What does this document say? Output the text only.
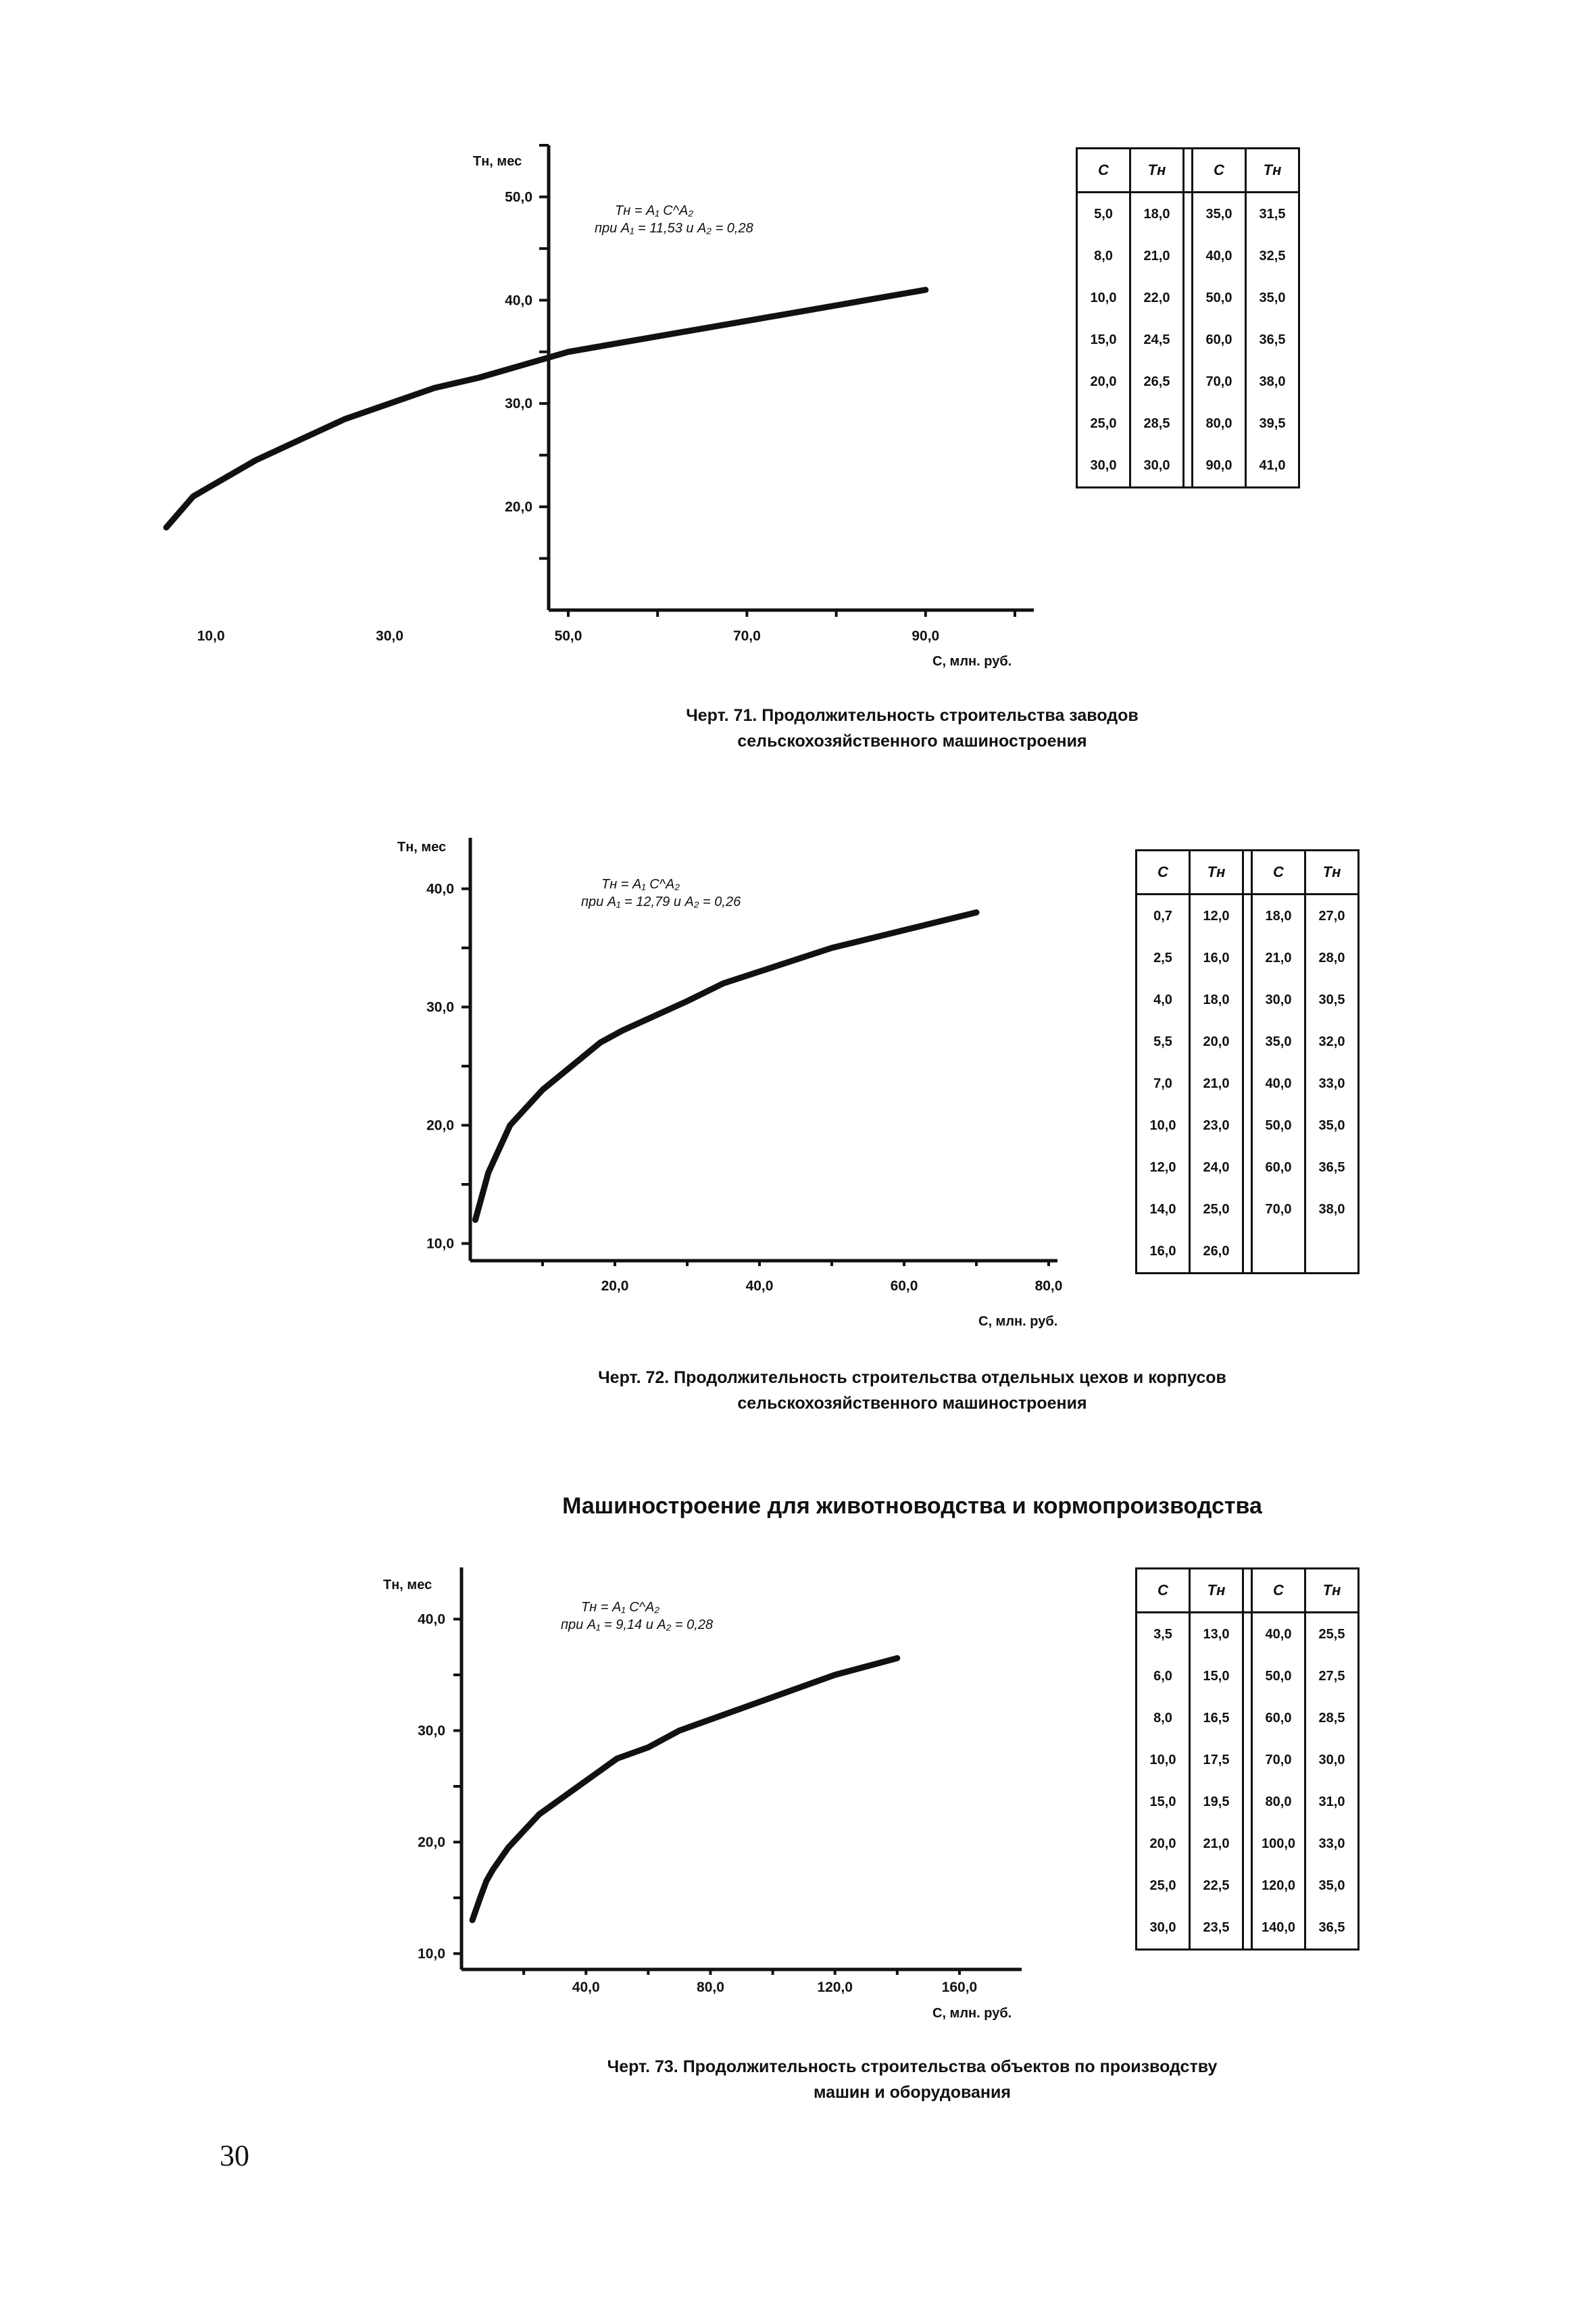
20,0
30,0
40,0
50,0
10,0	30,0	50,0	70,0	90,0
Tн, мес
С, млн. руб.
Tн = A₁ C^A₂
при A₁ = 11,53 и A₂ = 0,28
С	Tн		С	Tн
5,0	18,0		35,0	31,5
8,0	21,0		40,0	32,5
10,0	22,0		50,0	35,0
15,0	24,5		60,0	36,5
20,0	26,5		70,0	38,0
25,0	28,5		80,0	39,5
30,0	30,0		90,0	41,0
Черт. 71. Продолжительность строительства заводов
сельскохозяйственного машиностроения
10,0
20,0
30,0
40,0
20,0	40,0	60,0	80,0
Tн, мес
С, млн. руб.
Tн = A₁ C^A₂
при A₁ = 12,79 и A₂ = 0,26
С	Tн		С	Tн
0,7	12,0		18,0	27,0
2,5	16,0		21,0	28,0
4,0	18,0		30,0	30,5
5,5	20,0		35,0	32,0
7,0	21,0		40,0	33,0
10,0	23,0		50,0	35,0
12,0	24,0		60,0	36,5
14,0	25,0		70,0	38,0
16,0	26,0			
Черт. 72. Продолжительность строительства отдельных цехов и корпусов
сельскохозяйственного машиностроения
Машиностроение для животноводства и кормопроизводства
10,0
20,0
30,0
40,0
40,0	80,0	120,0	160,0
Tн, мес
С, млн. руб.
Tн = A₁ C^A₂
при A₁ = 9,14 и A₂ = 0,28
С	Tн		С	Tн
3,5	13,0		40,0	25,5
6,0	15,0		50,0	27,5
8,0	16,5		60,0	28,5
10,0	17,5		70,0	30,0
15,0	19,5		80,0	31,0
20,0	21,0		100,0	33,0
25,0	22,5		120,0	35,0
30,0	23,5		140,0	36,5
Черт. 73. Продолжительность строительства объектов по производству
машин и оборудования
30
